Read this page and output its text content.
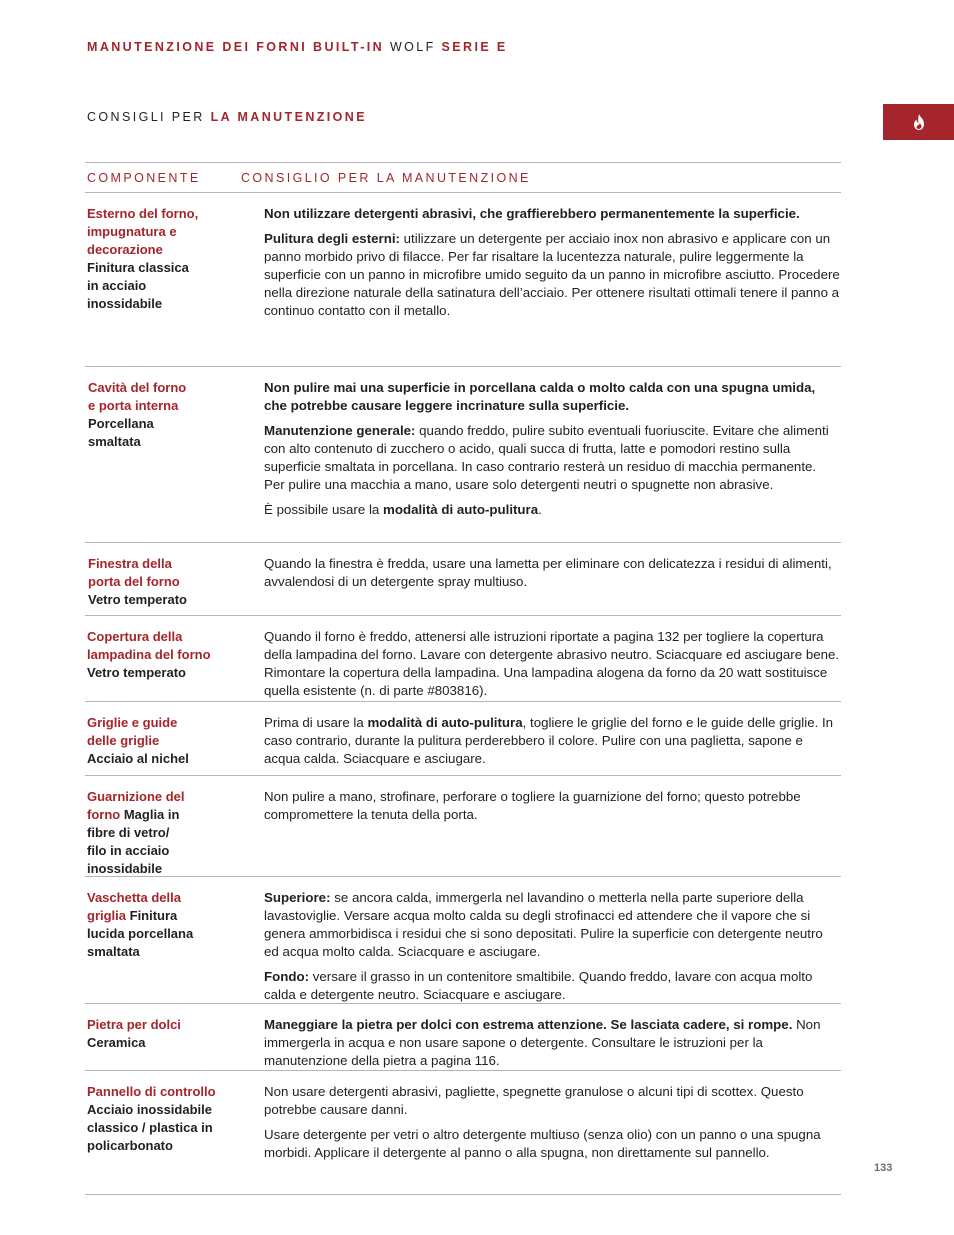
MANUTENZIONE DEI FORNI BUILT-IN WOLF SERIE E
CONSIGLI PER LA MANUTENZIONE
COMPONENTE	CONSIGLIO PER LA MANUTENZIONE
Esterno del forno,
impugnatura e
decorazione
Finitura classica
in acciaio
inossidabile

Non utilizzare detergenti abrasivi, che graffierebbero permanentemente la superficie.

Pulitura degli esterni: utilizzare un detergente per acciaio inox non abrasivo e applicare con un panno morbido privo di filacce. Per far risaltare la lucentezza naturale, pulire leggermente la superficie con un panno in microfibre umido seguito da un panno in microfibre asciutto. Procedere nella direzione naturale della satinatura dell’acciaio. Per ottenere risultati ottimali tenere il panno a continuo contatto con il metallo.

Cavità del forno
e porta interna
Porcellana
smaltata

Non pulire mai una superficie in porcellana calda o molto calda con una spugna umida, che potrebbe causare leggere incrinature sulla superficie.

Manutenzione generale: quando freddo, pulire subito eventuali fuoriuscite. Evitare che alimenti con alto contenuto di zucchero o acido, quali succa di frutta, latte e pomodori restino sulla superficie smaltata in porcellana. In caso contrario resterà un residuo di macchia permanente. Per pulire una macchia a mano, usare solo detergenti neutri o spugnette non abrasive.

È possibile usare la modalità di auto-pulitura.

Finestra della
porta del forno
Vetro temperato

Quando la finestra è fredda, usare una lametta per eliminare con delicatezza i residui di alimenti, avvalendosi di un detergente spray multiuso.

Copertura della
lampadina del forno
Vetro temperato

Quando il forno è freddo, attenersi alle istruzioni riportate a pagina 132 per togliere la copertura della lampadina del forno. Lavare con detergente abrasivo neutro. Sciacquare ed asciugare bene. Rimontare la copertura della lampadina. Una lampadina alogena da forno da 20 watt sostituisce quella esistente (n. di parte #803816).

Griglie e guide
delle griglie
Acciaio al nichel

Prima di usare la modalità di auto-pulitura, togliere le griglie del forno e le guide delle griglie. In caso contrario, durante la pulitura perderebbero il colore. Pulire con una paglietta, sapone e acqua calda. Sciacquare e asciugare.

Guarnizione del
forno Maglia in
fibre di vetro/
filo in acciaio
inossidabile

Non pulire a mano, strofinare, perforare o togliere la guarnizione del forno; questo potrebbe compromettere la tenuta della porta.

Vaschetta della
griglia Finitura
lucida porcellana
smaltata

Superiore: se ancora calda, immergerla nel lavandino o metterla nella parte superiore della lavastoviglie. Versare acqua molto calda su degli strofinacci ed attendere che il vapore che si genera ammorbidisca i residui che si sono depositati. Pulire la superficie con detergente neutro ed acqua molto calda. Sciacquare e asciugare.

Fondo: versare il grasso in un contenitore smaltibile. Quando freddo, lavare con acqua molto calda e detergente neutro. Sciacquare e asciugare.

Pietra per dolci
Ceramica

Maneggiare la pietra per dolci con estrema attenzione. Se lasciata cadere, si rompe. Non immergerla in acqua e non usare sapone o detergente. Consultare le istruzioni per la manutenzione della pietra a pagina 116.

Pannello di controllo
Acciaio inossidabile
classico / plastica in
policarbonato

Non usare detergenti abrasivi, pagliette, spegnette granulose o alcuni tipi di scottex. Questo potrebbe causare danni.

Usare detergente per vetri o altro detergente multiuso (senza olio) con un panno o una spugna morbidi. Applicare il detergente al panno o alla spugna, non direttamente sul pannello.

133
